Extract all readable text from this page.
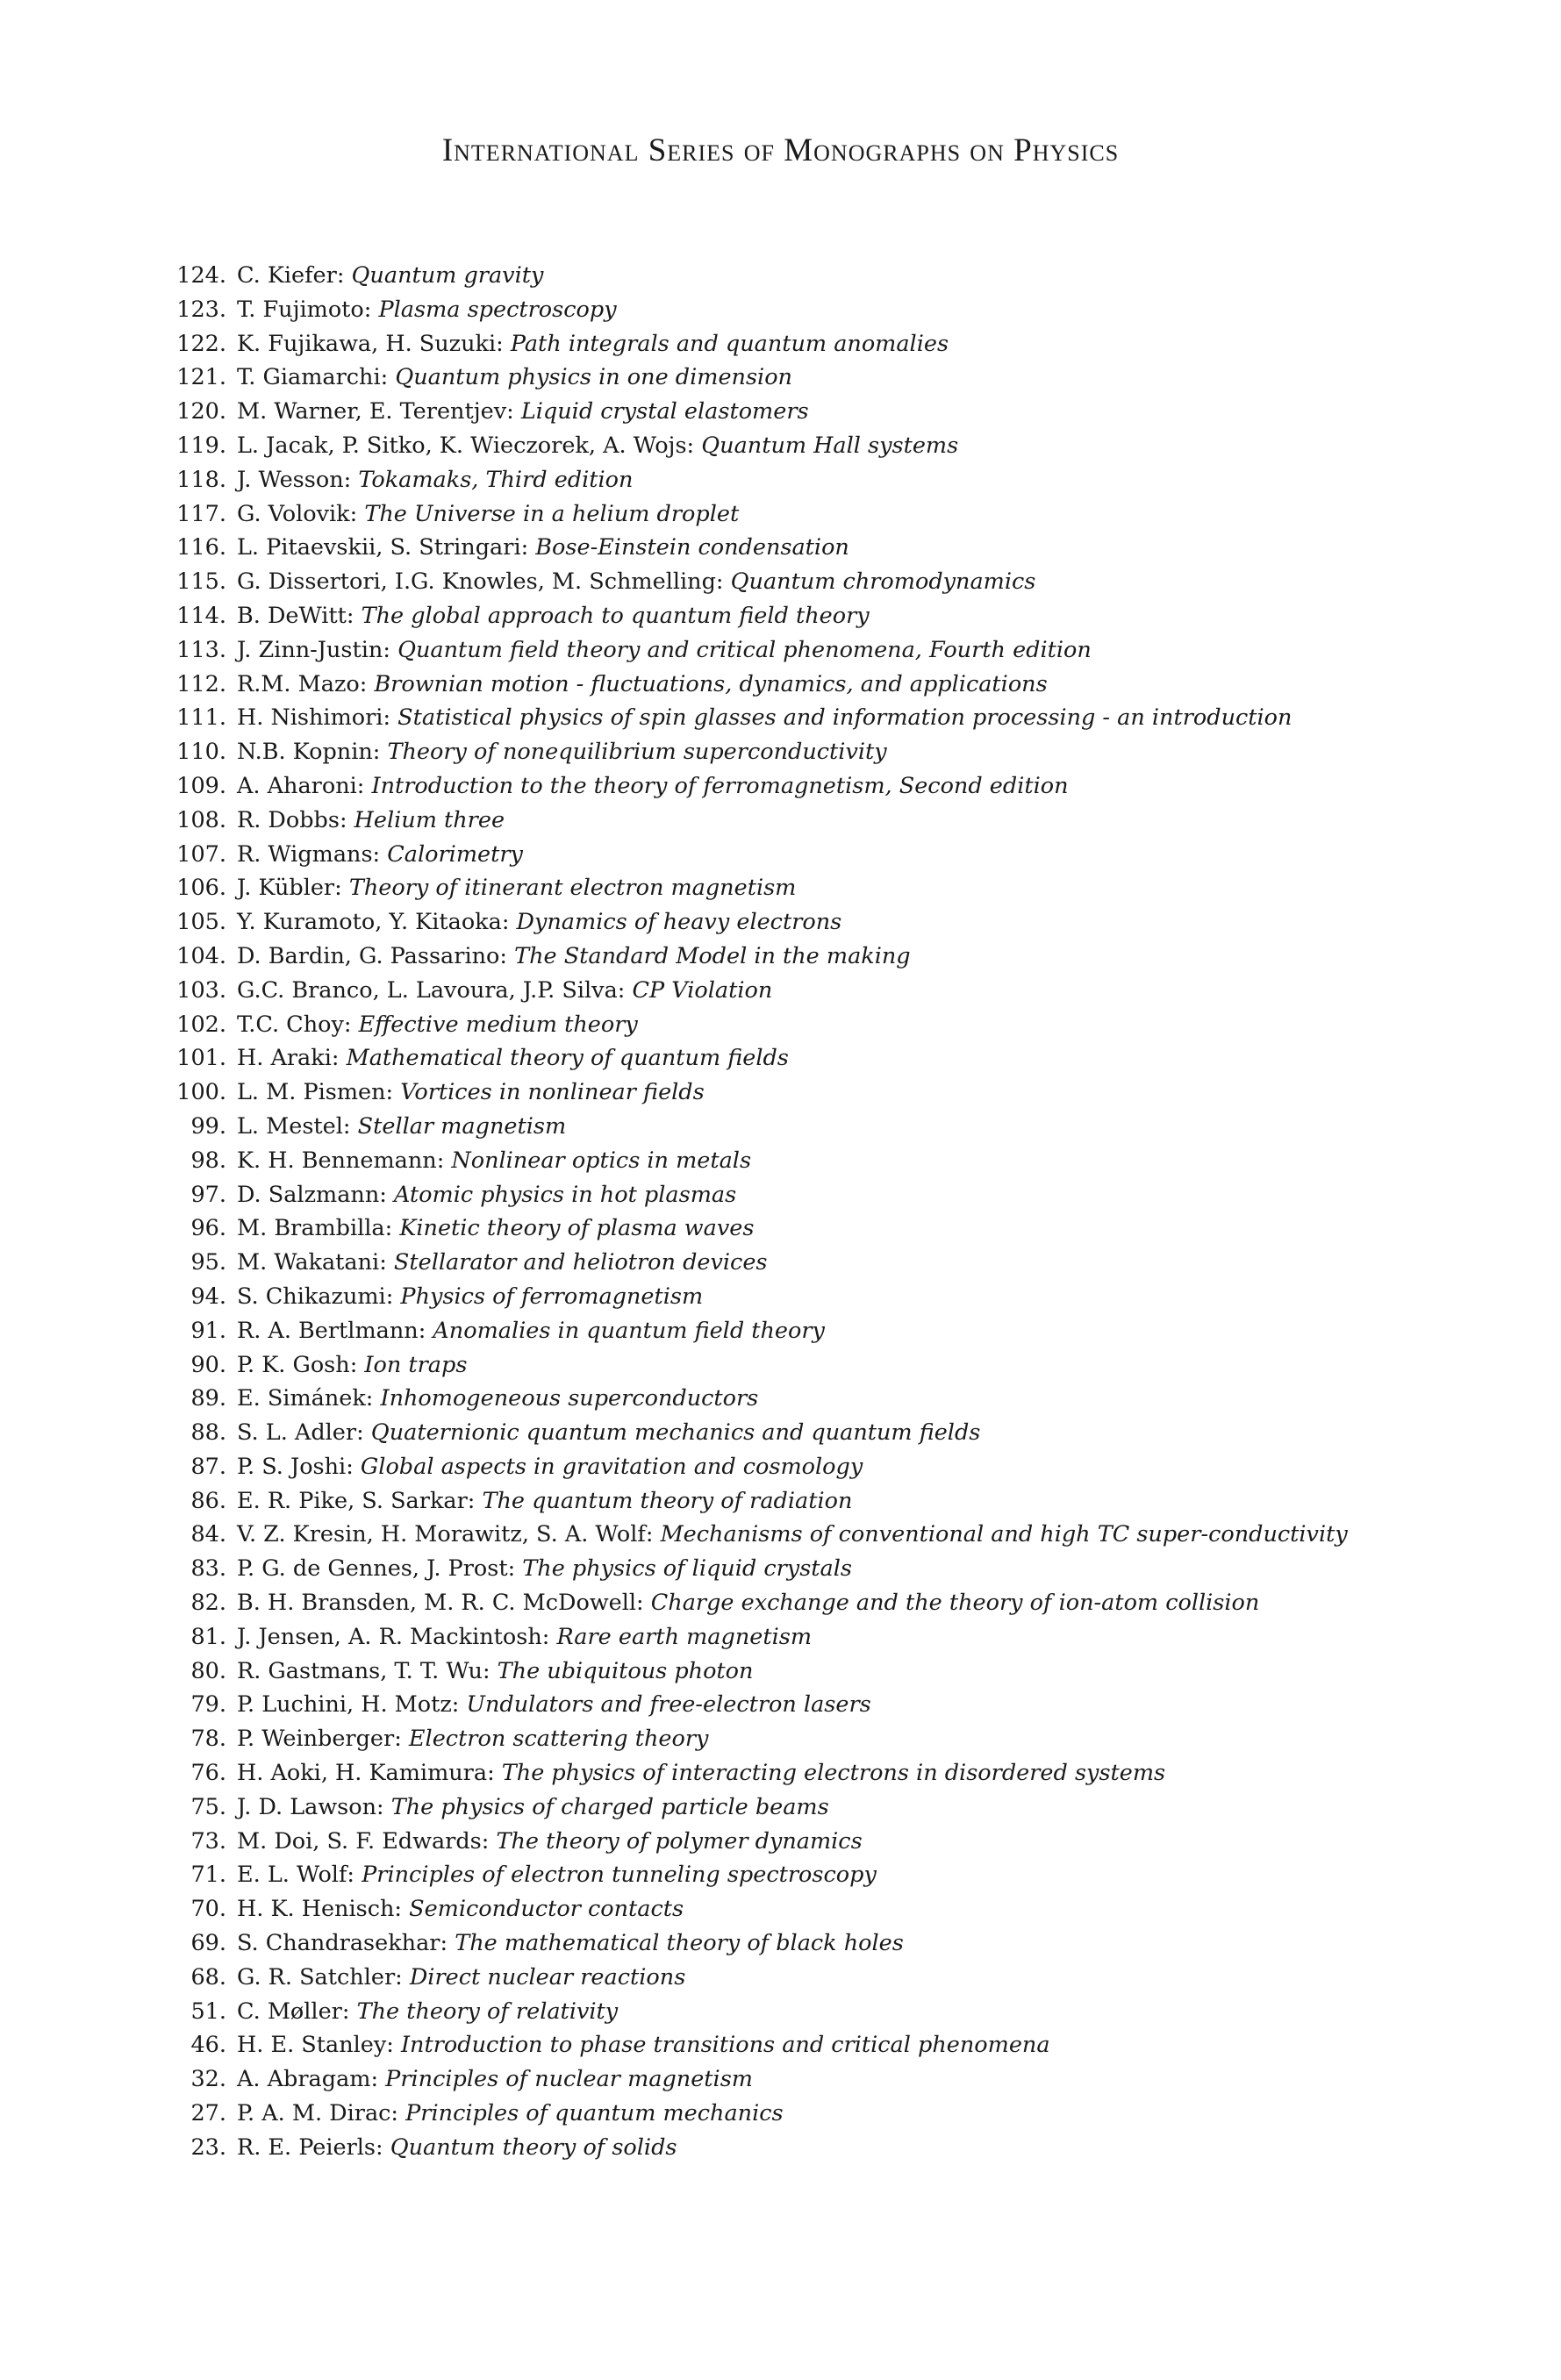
International Series of Monographs on Physics
124. C. Kiefer: Quantum gravity
123. T. Fujimoto: Plasma spectroscopy
122. K. Fujikawa, H. Suzuki: Path integrals and quantum anomalies
121. T. Giamarchi: Quantum physics in one dimension
120. M. Warner, E. Terentjev: Liquid crystal elastomers
119. L. Jacak, P. Sitko, K. Wieczorek, A. Wojs: Quantum Hall systems
118. J. Wesson: Tokamaks, Third edition
117. G. Volovik: The Universe in a helium droplet
116. L. Pitaevskii, S. Stringari: Bose-Einstein condensation
115. G. Dissertori, I.G. Knowles, M. Schmelling: Quantum chromodynamics
114. B. DeWitt: The global approach to quantum field theory
113. J. Zinn-Justin: Quantum field theory and critical phenomena, Fourth edition
112. R.M. Mazo: Brownian motion - fluctuations, dynamics, and applications
111. H. Nishimori: Statistical physics of spin glasses and information processing - an introduction
110. N.B. Kopnin: Theory of nonequilibrium superconductivity
109. A. Aharoni: Introduction to the theory of ferromagnetism, Second edition
108. R. Dobbs: Helium three
107. R. Wigmans: Calorimetry
106. J. Kübler: Theory of itinerant electron magnetism
105. Y. Kuramoto, Y. Kitaoka: Dynamics of heavy electrons
104. D. Bardin, G. Passarino: The Standard Model in the making
103. G.C. Branco, L. Lavoura, J.P. Silva: CP Violation
102. T.C. Choy: Effective medium theory
101. H. Araki: Mathematical theory of quantum fields
100. L. M. Pismen: Vortices in nonlinear fields
99. L. Mestel: Stellar magnetism
98. K. H. Bennemann: Nonlinear optics in metals
97. D. Salzmann: Atomic physics in hot plasmas
96. M. Brambilla: Kinetic theory of plasma waves
95. M. Wakatani: Stellarator and heliotron devices
94. S. Chikazumi: Physics of ferromagnetism
91. R. A. Bertlmann: Anomalies in quantum field theory
90. P. K. Gosh: Ion traps
89. E. Simánek: Inhomogeneous superconductors
88. S. L. Adler: Quaternionic quantum mechanics and quantum fields
87. P. S. Joshi: Global aspects in gravitation and cosmology
86. E. R. Pike, S. Sarkar: The quantum theory of radiation
84. V. Z. Kresin, H. Morawitz, S. A. Wolf: Mechanisms of conventional and high TC super-conductivity
83. P. G. de Gennes, J. Prost: The physics of liquid crystals
82. B. H. Bransden, M. R. C. McDowell: Charge exchange and the theory of ion-atom collision
81. J. Jensen, A. R. Mackintosh: Rare earth magnetism
80. R. Gastmans, T. T. Wu: The ubiquitous photon
79. P. Luchini, H. Motz: Undulators and free-electron lasers
78. P. Weinberger: Electron scattering theory
76. H. Aoki, H. Kamimura: The physics of interacting electrons in disordered systems
75. J. D. Lawson: The physics of charged particle beams
73. M. Doi, S. F. Edwards: The theory of polymer dynamics
71. E. L. Wolf: Principles of electron tunneling spectroscopy
70. H. K. Henisch: Semiconductor contacts
69. S. Chandrasekhar: The mathematical theory of black holes
68. G. R. Satchler: Direct nuclear reactions
51. C. Møller: The theory of relativity
46. H. E. Stanley: Introduction to phase transitions and critical phenomena
32. A. Abragam: Principles of nuclear magnetism
27. P. A. M. Dirac: Principles of quantum mechanics
23. R. E. Peierls: Quantum theory of solids
